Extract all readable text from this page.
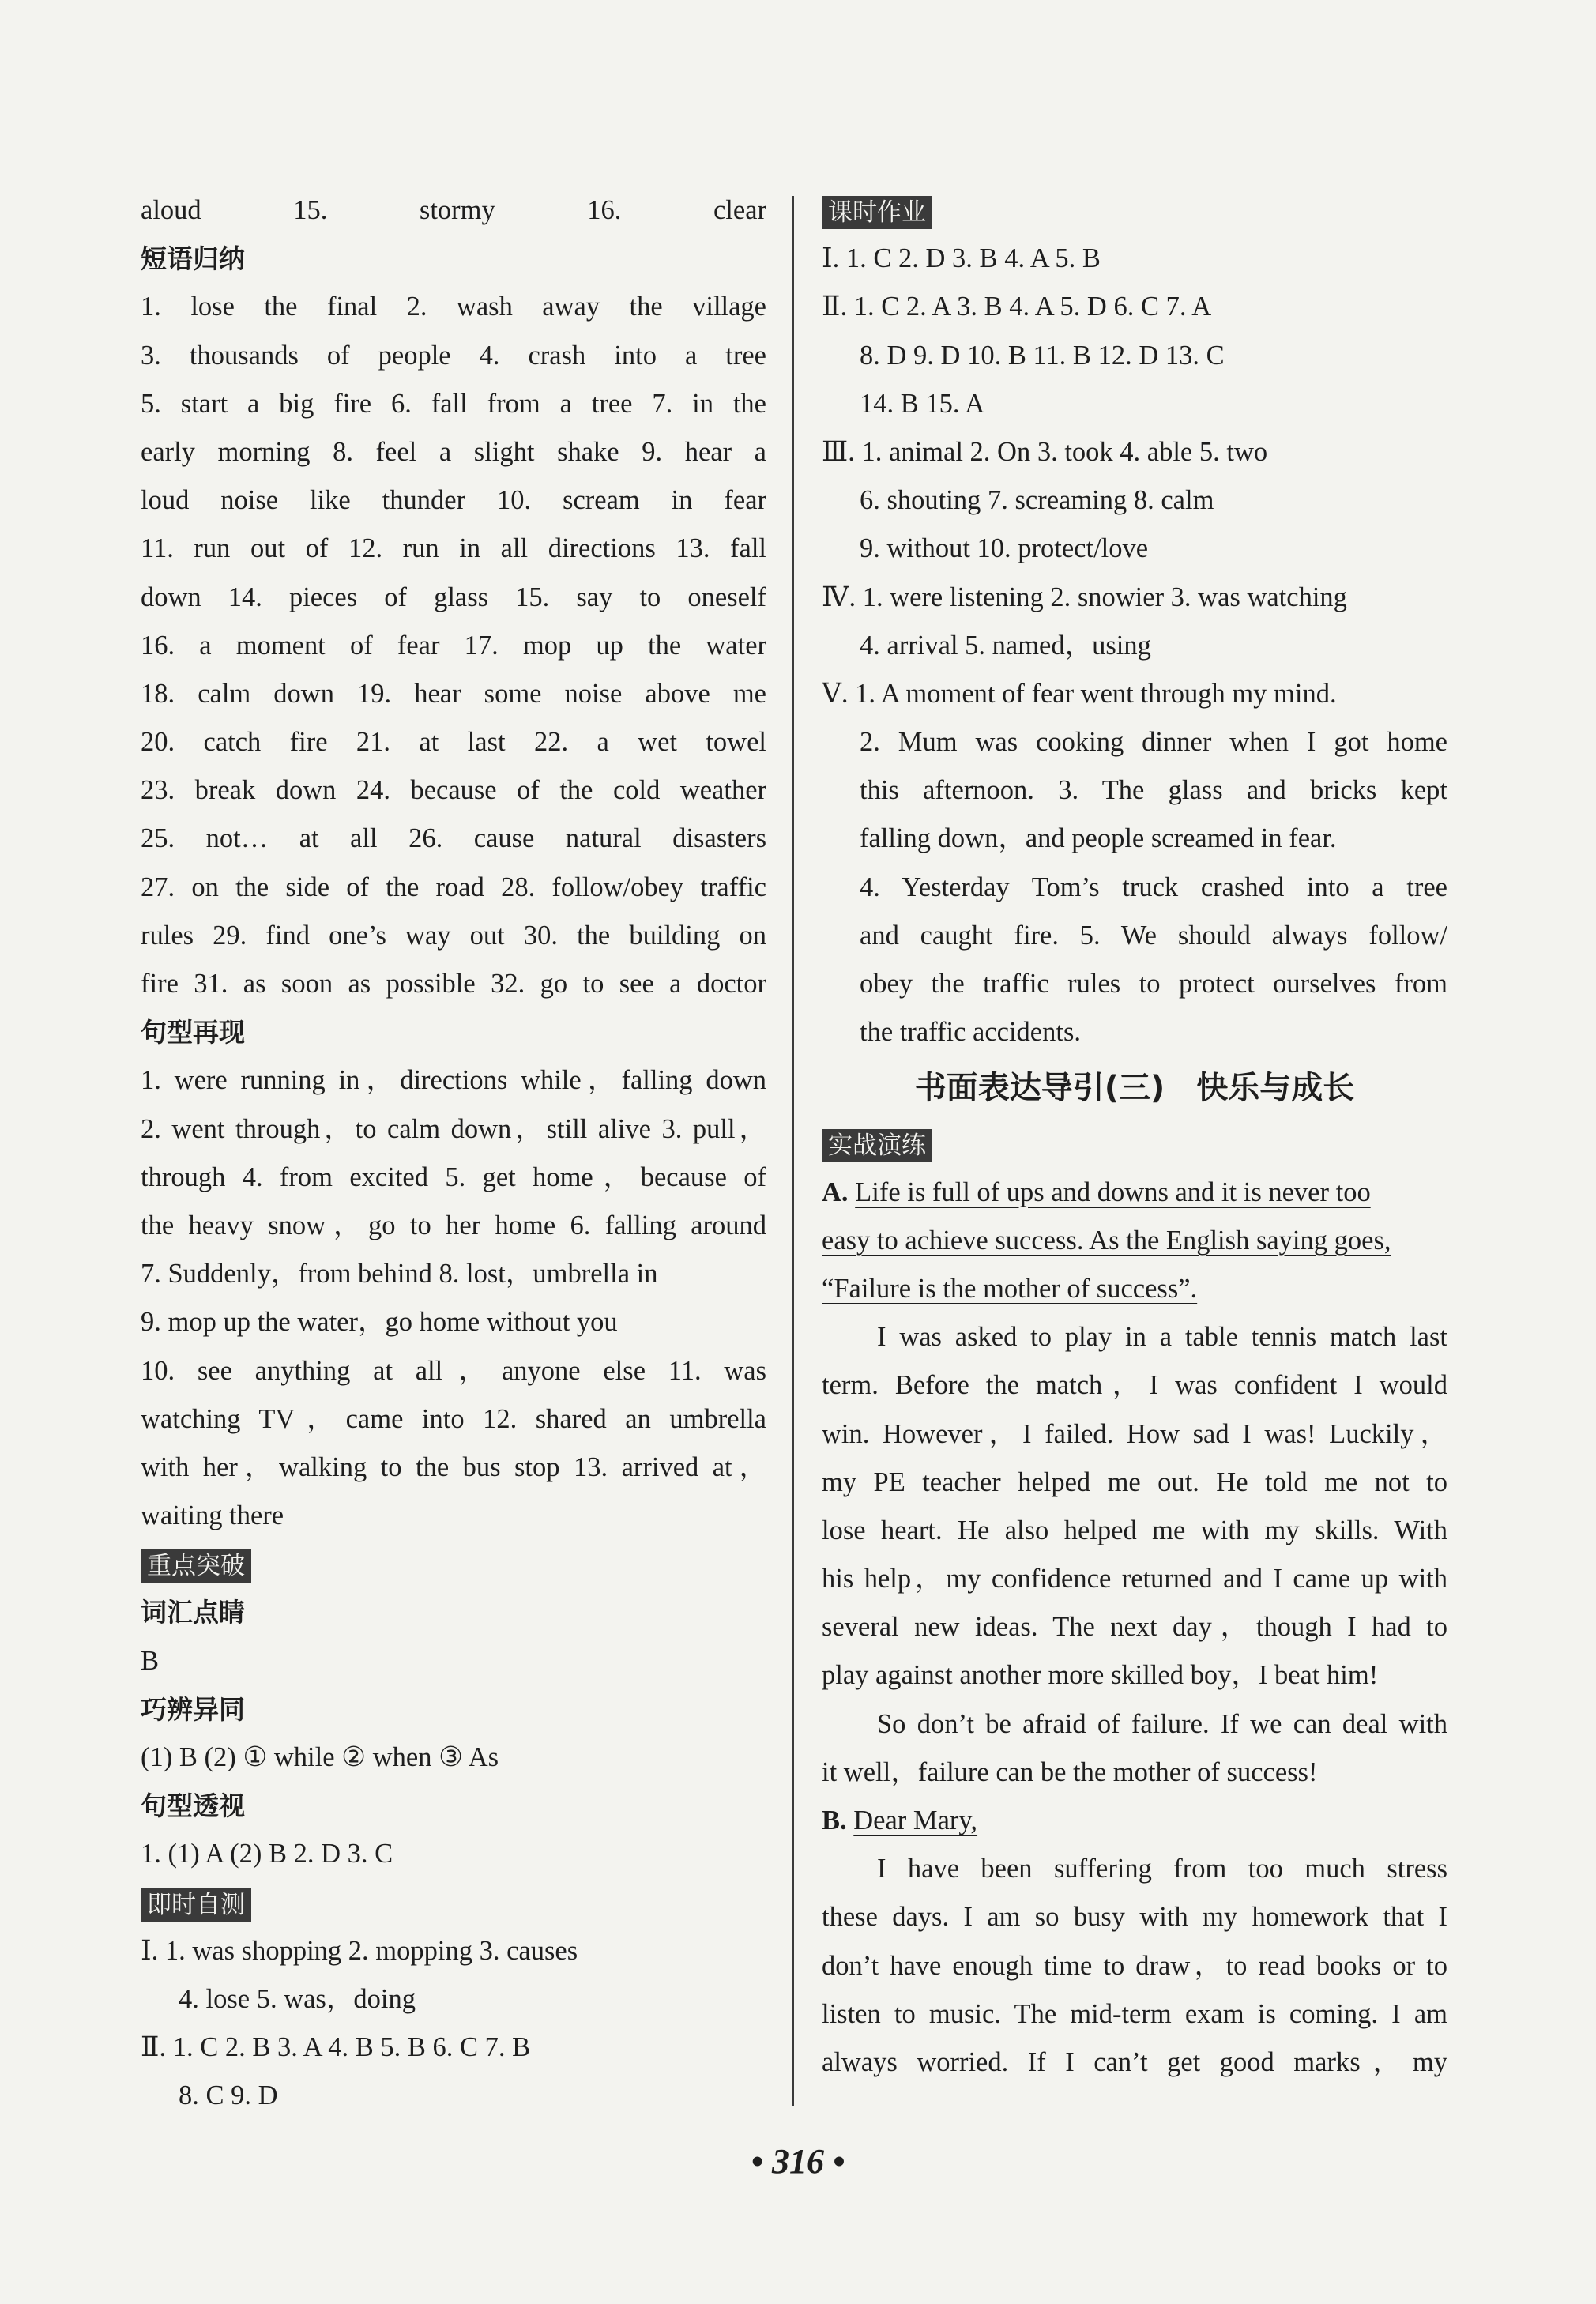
aloud 15. stormy 16. clear
短语归纳
1. lose the final 2. wash away the village
3. thousands of people 4. crash into a tree
5. start a big fire 6. fall from a tree 7. in the
early morning 8. feel a slight shake 9. hear a
loud noise like thunder 10. scream in fear
11. run out of 12. run in all directions 13. fall
down 14. pieces of glass 15. say to oneself
16. a moment of fear 17. mop up the water
18. calm down 19. hear some noise above me
20. catch fire 21. at last 22. a wet towel
23. break down 24. because of the cold weather
25. not… at all 26. cause natural disasters
27. on the side of the road 28. follow/obey traffic
rules 29. find one’s way out 30. the building on
fire 31. as soon as possible 32. go to see a doctor
句型再现
1. were running in，directions while，falling down
2. went through，to calm down，still alive 3. pull，
through 4. from excited 5. get home，because of
the heavy snow，go to her home 6. falling around
7. Suddenly，from behind 8. lost，umbrella in
9. mop up the water，go home without you
10. see anything at all，anyone else 11. was
watching TV，came into 12. shared an umbrella
with her，walking to the bus stop 13. arrived at，
waiting there
重点突破
词汇点睛
B
巧辨异同
(1) B (2) ① while ② when ③ As
句型透视
1. (1) A (2) B 2. D 3. C
即时自测
Ⅰ. 1. was shopping 2. mopping 3. causes
4. lose 5. was，doing
Ⅱ. 1. C 2. B 3. A 4. B 5. B 6. C 7. B
8. C 9. D
课时作业
Ⅰ. 1. C 2. D 3. B 4. A 5. B
Ⅱ. 1. C 2. A 3. B 4. A 5. D 6. C 7. A
8. D 9. D 10. B 11. B 12. D 13. C
14. B 15. A
Ⅲ. 1. animal 2. On 3. took 4. able 5. two
6. shouting 7. screaming 8. calm
9. without 10. protect/love
Ⅳ. 1. were listening 2. snowier 3. was watching
4. arrival 5. named，using
Ⅴ. 1. A moment of fear went through my mind.
2. Mum was cooking dinner when I got home
this afternoon. 3. The glass and bricks kept
falling down，and people screamed in fear.
4. Yesterday Tom’s truck crashed into a tree
and caught fire. 5. We should always follow/
obey the traffic rules to protect ourselves from
the traffic accidents.
书面表达导引(三)　快乐与成长
实战演练
A. Life is full of ups and downs and it is never too
easy to achieve success. As the English saying goes,
“Failure is the mother of success”.
I was asked to play in a table tennis match last
term. Before the match，I was confident I would
win. However，I failed. How sad I was! Luckily，
my PE teacher helped me out. He told me not to
lose heart. He also helped me with my skills. With
his help，my confidence returned and I came up with
several new ideas. The next day，though I had to
play against another more skilled boy，I beat him!
So don’t be afraid of failure. If we can deal with
it well，failure can be the mother of success!
B. Dear Mary,
I have been suffering from too much stress
these days. I am so busy with my homework that I
don’t have enough time to draw，to read books or to
listen to music. The mid-term exam is coming. I am
always worried. If I can’t get good marks，my
• 316 •
